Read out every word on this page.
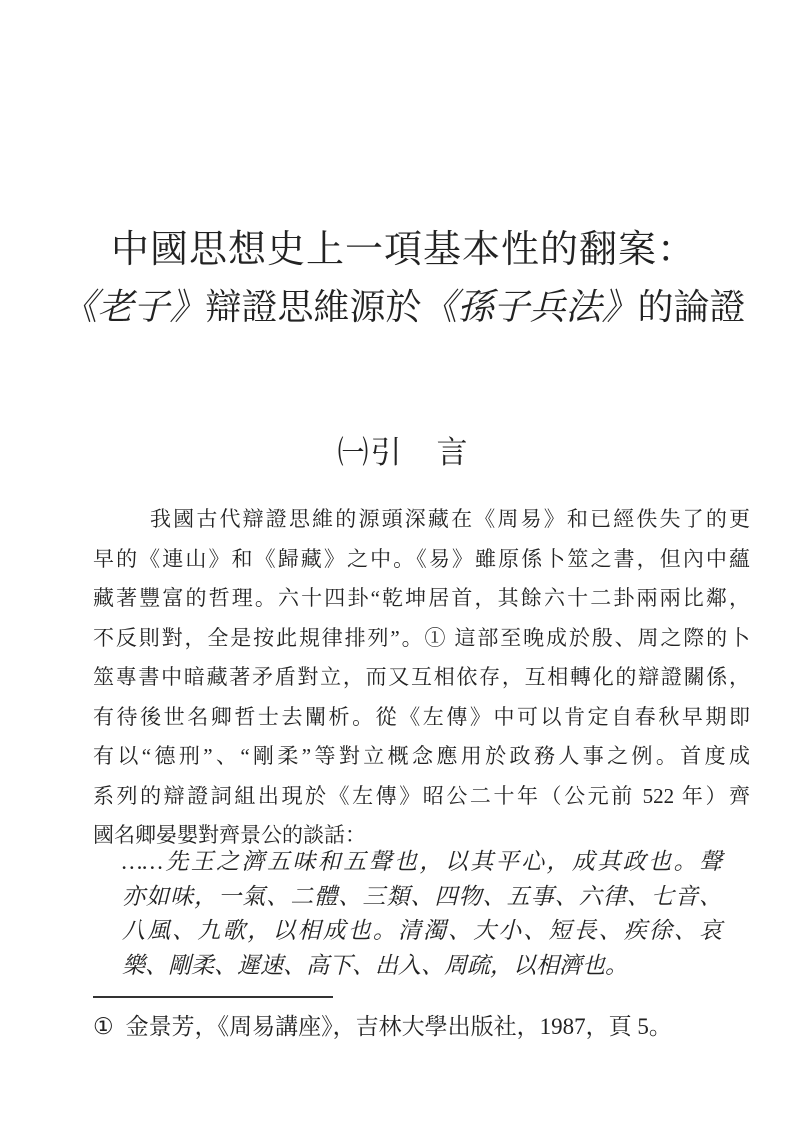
中國思想史上一項基本性的翻案：
《老子》辯證思維源於《孫子兵法》的論證
㈠引　言
我國古代辯證思維的源頭深藏在《周易》和已經佚失了的更
早的《連山》和《歸藏》之中。《易》雖原係卜筮之書，但內中蘊
藏著豐富的哲理。六十四卦“乾坤居首，其餘六十二卦兩兩比鄰，
不反則對，全是按此規律排列”。① 這部至晚成於殷、周之際的卜
筮專書中暗藏著矛盾對立，而又互相依存，互相轉化的辯證關係，
有待後世名卿哲士去闡析。從《左傳》中可以肯定自春秋早期即
有以“德刑”、“剛柔”等對立概念應用於政務人事之例。首度成
系列的辯證詞組出現於《左傳》昭公二十年（公元前 522 年）齊
國名卿晏嬰對齊景公的談話：
……先王之濟五味和五聲也，以其平心，成其政也。聲
亦如味，一氣、二體、三類、四物、五事、六律、七音、
八風、九歌，以相成也。清濁、大小、短長、疾徐、哀
樂、剛柔、遲速、高下、出入、周疏，以相濟也。
① 金景芳，《周易講座》，吉林大學出版社，1987，頁 5。
